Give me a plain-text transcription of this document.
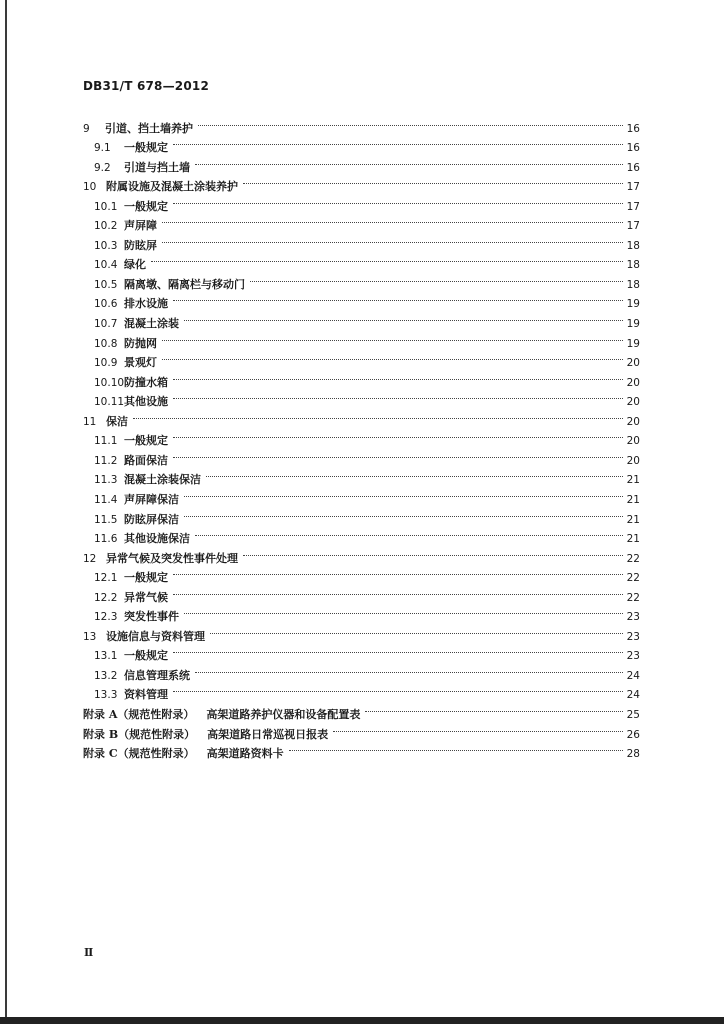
DB31/T 678—2012
9	引道、挡土墙养护	16
9.1	一般规定	16
9.2	引道与挡土墙	16
10 附属设施及混凝土涂装养护	17
10.1 一般规定	17
10.2 声屏障	17
10.3 防眩屏	18
10.4 绿化	18
10.5 隔离墩、隔离栏与移动门	18
10.6 排水设施	19
10.7 混凝土涂装	19
10.8 防抛网	19
10.9 景观灯	20
10.10 防撞水箱	20
10.11 其他设施	20
11 保洁	20
11.1 一般规定	20
11.2 路面保洁	20
11.3 混凝土涂装保洁	21
11.4 声屏障保洁	21
11.5 防眩屏保洁	21
11.6 其他设施保洁	21
12 异常气候及突发性事件处理	22
12.1 一般规定	22
12.2 异常气候	22
12.3 突发性事件	23
13 设施信息与资料管理	23
13.1 一般规定	23
13.2 信息管理系统	24
13.3 资料管理	24
附录 A（规范性附录）	高架道路养护仪器和设备配置表	25
附录 B（规范性附录）	高架道路日常巡视日报表	26
附录 C（规范性附录）	高架道路资料卡	28
Ⅱ
